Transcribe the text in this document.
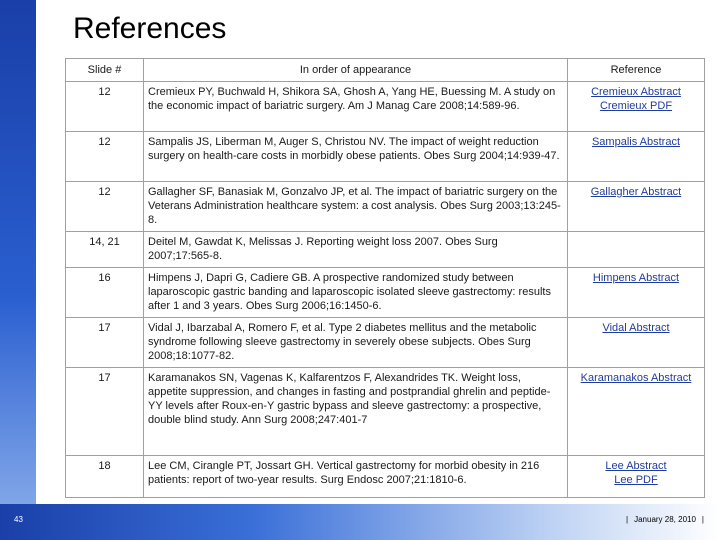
43	| January 28, 2010 |
References
Slide #	In order of appearance	Reference
12	Cremieux PY, Buchwald H, Shikora SA, Ghosh A, Yang HE, Buessing M. A study on the economic impact of bariatric surgery. Am J Manag Care 2008;14:589-96.	Cremieux Abstract
Cremieux PDF

12	Sampalis JS, Liberman M, Auger S, Christou NV. The impact of weight reduction surgery on health-care costs in morbidly obese patients. Obes Surg 2004;14:939-47.	Sampalis Abstract

12	Gallagher SF, Banasiak M, Gonzalvo JP, et al. The impact of bariatric surgery on the Veterans Administration healthcare system: a cost analysis. Obes Surg 2003;13:245-8.	Gallagher Abstract

14, 21	Deitel M, Gawdat K, Melissas J. Reporting weight loss 2007. Obes Surg 2007;17:565-8.	
16	Himpens J, Dapri G, Cadiere GB. A prospective randomized study between laparoscopic gastric banding and laparoscopic isolated sleeve gastrectomy: results after 1 and 3 years. Obes Surg 2006;16:1450-6.	Himpens Abstract

17	Vidal J, Ibarzabal A, Romero F, et al. Type 2 diabetes mellitus and the metabolic syndrome following sleeve gastrectomy in severely obese subjects. Obes Surg 2008;18:1077-82.	Vidal Abstract

17	Karamanakos SN, Vagenas K, Kalfarentzos F, Alexandrides TK. Weight loss, appetite suppression, and changes in fasting and postprandial ghrelin and peptide-YY levels after Roux-en-Y gastric bypass and sleeve gastrectomy: a prospective, double blind study. Ann Surg 2008;247:401-7	Karamanakos Abstract

18	Lee CM, Cirangle PT, Jossart GH. Vertical gastrectomy for morbid obesity in 216 patients: report of two-year results. Surg Endosc 2007;21:1810-6.	Lee Abstract
Lee PDF
